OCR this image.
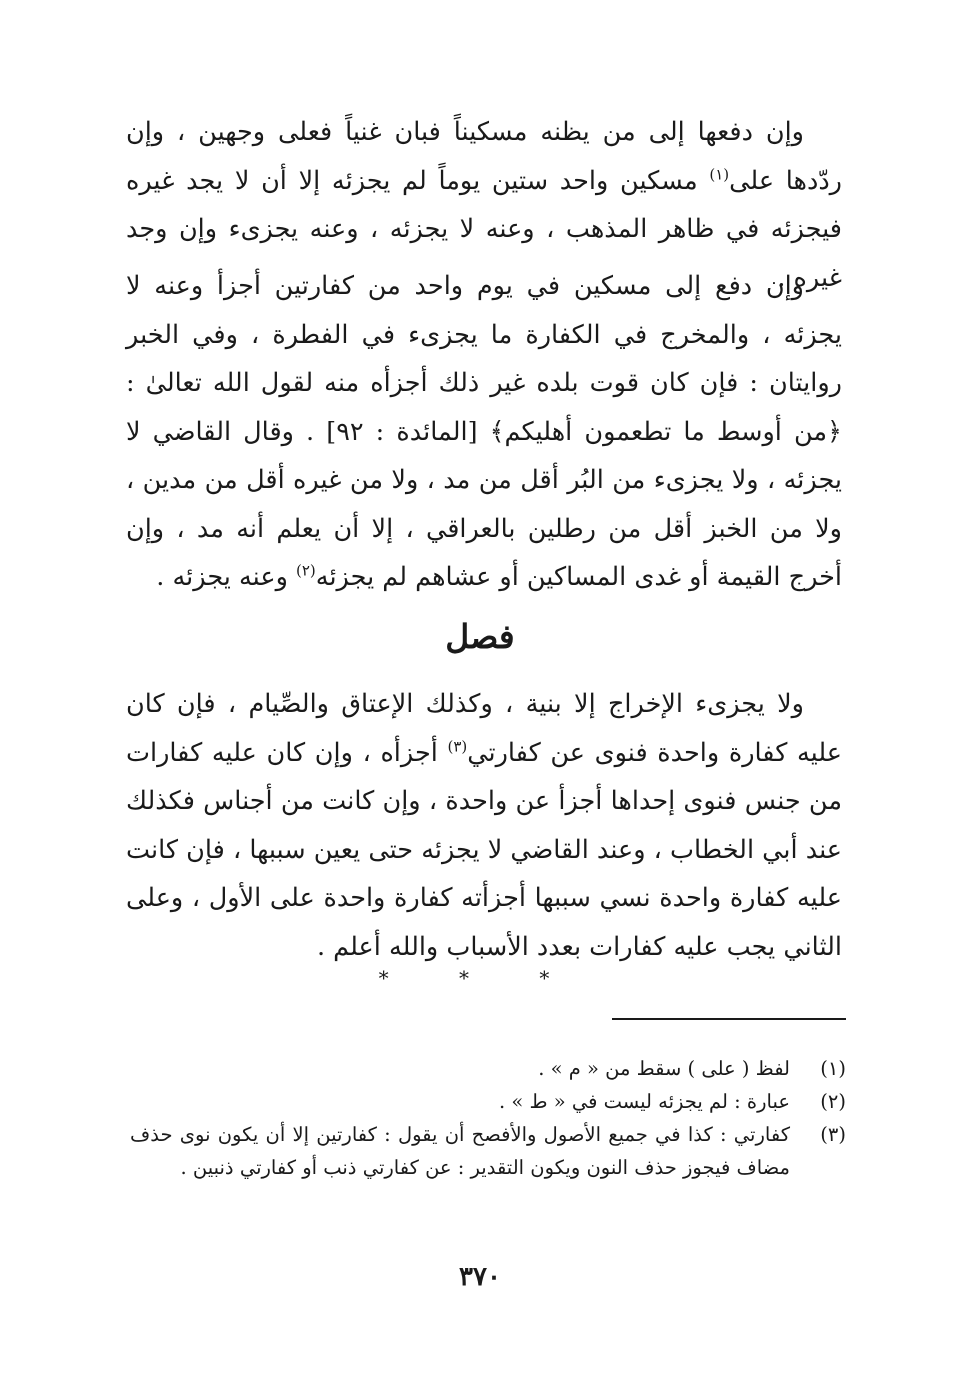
وإن دفعها إلى من يظنه مسكيناً فبان غنياً فعلى وجهين ، وإن ردّدها على$^{(١)}$ مسكين واحد ستين يوماً لم يجزئه إلا أن لا يجد غيره فيجزئه في ظاهر المذهب ، وعنه لا يجزئه ، وعنه يجزىء وإن وجد غيره .

وإن دفع إلى مسكين في يوم واحد من كفارتين أجزأ وعنه لا يجزئه ، والمخرج في الكفارة ما يجزىء في الفطرة ، وفي الخبر روايتان : فإن كان قوت بلده غير ذلك أجزأه منه لقول الله تعالىٰ : ﴿من أوسط ما تطعمون أهليكم﴾ [المائدة : ٩٢] . وقال القاضي لا يجزئه ، ولا يجزىء من البُر أقل من مد ، ولا من غيره أقل من مدين ، ولا من الخبز أقل من رطلين بالعراقي ، إلا أن يعلم أنه مد ، وإن أخرج القيمة أو غدى المساكين أو عشاهم لم يجزئه$^{(٢)}$ وعنه يجزئه .

فصل

ولا يجزىء الإخراج إلا بنية ، وكذلك الإعتاق والصِّيام ، فإن كان عليه كفارة واحدة فنوى عن كفارتي$^{(٣)}$ أجزأه ، وإن كان عليه كفارات من جنس فنوى إحداها أجزأ عن واحدة ، وإن كانت من أجناس فكذلك عند أبي الخطاب ، وعند القاضي لا يجزئه حتى يعين سببها ، فإن كانت عليه كفارة واحدة نسي سببها أجزأته كفارة واحدة على الأول ، وعلى الثاني يجب عليه كفارات بعدد الأسباب والله أعلم .

* * *
(١)
لفظ ( على ) سقط من « م » .
(٢)
عبارة : لم يجزئه ليست في « ط » .
(٣)
كفارتي : كذا في جميع الأصول والأفصح أن يقول : كفارتين إلا أن يكون نوى حذف مضاف فيجوز حذف النون ويكون التقدير : عن كفارتي ذنب أو كفارتي ذنبين .
٣٧٠
